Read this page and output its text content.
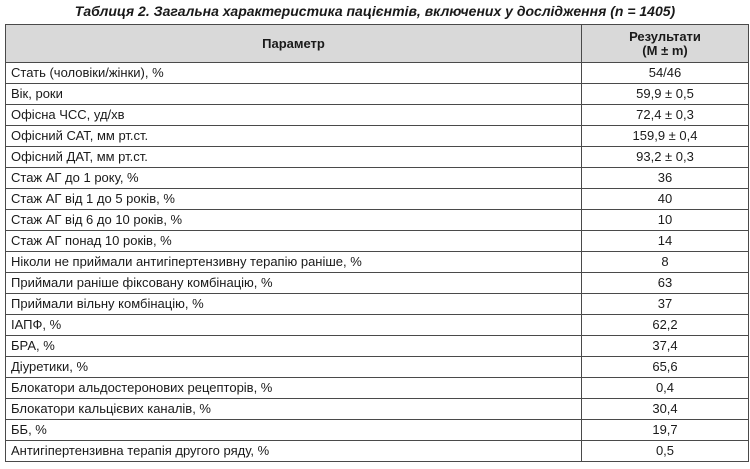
Таблиця 2. Загальна характеристика пацієнтів, включених у дослідження (n = 1405)
Параметр	Результати
(M ± m)

Стать (чоловіки/жінки), %	54/46
Вік, роки	59,9 ± 0,5
Офісна ЧСС, уд/хв	72,4 ± 0,3
Офісний САТ, мм рт.ст.	159,9 ± 0,4
Офісний ДАТ, мм рт.ст.	93,2 ± 0,3
Стаж АГ до 1 року, %	36
Стаж АГ від 1 до 5 років, %	40
Стаж АГ від 6 до 10 років, %	10
Стаж АГ понад 10 років, %	14
Ніколи не приймали антигіпертензивну терапію раніше, %	8
Приймали раніше фіксовану комбінацію, %	63
Приймали вільну комбінацію, %	37
ІАПФ, %	62,2
БРА, %	37,4
Діуретики, %	65,6
Блокатори альдостеронових рецепторів, %	0,4
Блокатори кальцієвих каналів, %	30,4
ББ, %	19,7
Антигіпертензивна терапія другого ряду, %	0,5
